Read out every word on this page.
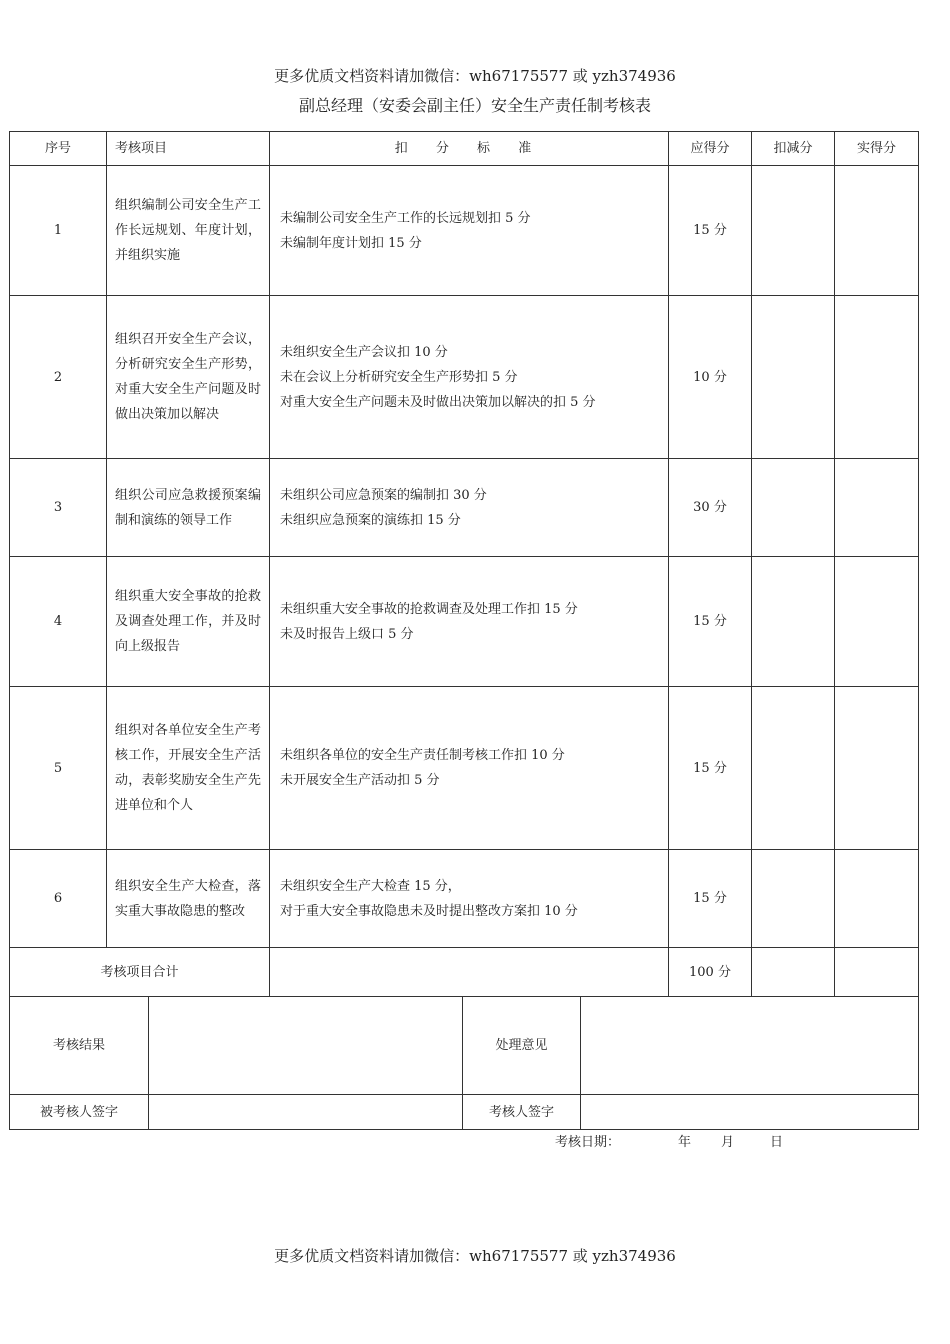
更多优质文档资料请加微信：wh67175577 或 yzh374936
副总经理（安委会副主任）安全生产责任制考核表
序号	考核项目	扣 分 标 准	应得分	扣减分	实得分
1	组织编制公司安全生产工作长远规划、年度计划，并组织实施	未编制公司安全生产工作的长远规划扣 5 分
未编制年度计划扣 15 分	15 分		
2	组织召开安全生产会议，分析研究安全生产形势，对重大安全生产问题及时做出决策加以解决	未组织安全生产会议扣 10 分
未在会议上分析研究安全生产形势扣 5 分
对重大安全生产问题未及时做出决策加以解决的扣 5 分	10 分		
3	组织公司应急救援预案编制和演练的领导工作	未组织公司应急预案的编制扣 30 分
未组织应急预案的演练扣 15 分	30 分		
4	组织重大安全事故的抢救及调查处理工作，并及时向上级报告	未组织重大安全事故的抢救调查及处理工作扣 15 分
未及时报告上级口 5 分	15 分		
5	组织对各单位安全生产考核工作，开展安全生产活动，表彰奖励安全生产先进单位和个人	未组织各单位的安全生产责任制考核工作扣 10 分
未开展安全生产活动扣 5 分	15 分		
6	组织安全生产大检查，落实重大事故隐患的整改	未组织安全生产大检查 15 分，
对于重大安全事故隐患未及时提出整改方案扣 10 分	15 分		
考核项目合计			100 分		
考核结果		处理意见	
被考核人签字		考核人签字	
考核日期：	年 月	日
更多优质文档资料请加微信：wh67175577 或 yzh374936
